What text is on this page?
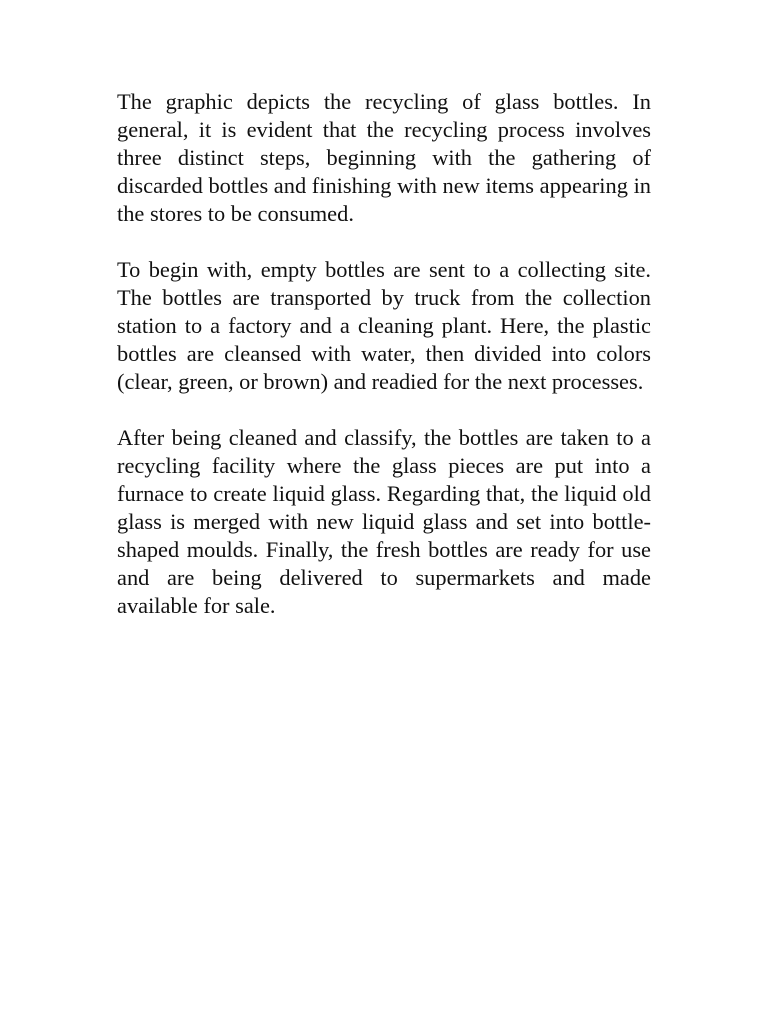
The graphic depicts the recycling of glass bottles. In general, it is evident that the recycling process involves three distinct steps, beginning with the gathering of discarded bottles and finishing with new items appearing in the stores to be consumed.

To begin with, empty bottles are sent to a collecting site. The bottles are transported by truck from the collection station to a factory and a cleaning plant. Here, the plastic bottles are cleansed with water, then divided into colors (clear, green, or brown) and readied for the next processes.

After being cleaned and classify, the bottles are taken to a recycling facility where the glass pieces are put into a furnace to create liquid glass. Regarding that, the liquid old glass is merged with new liquid glass and set into bottle-shaped moulds. Finally, the fresh bottles are ready for use and are being delivered to supermarkets and made available for sale.
